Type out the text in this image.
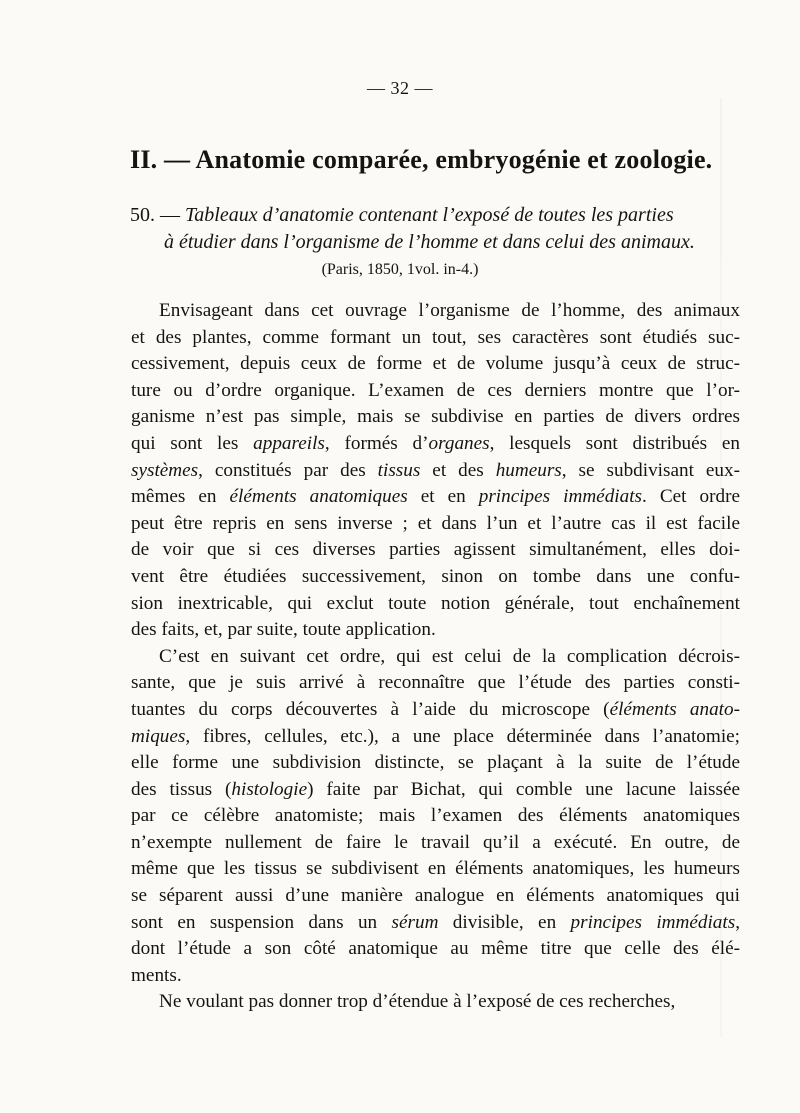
— 32 —
II. — Anatomie comparée, embryogénie et zoologie.
50. — Tableaux d’anatomie contenant l’exposé de toutes les parties
à étudier dans l’organisme de l’homme et dans celui des animaux.
(Paris, 1850, 1vol. in-4.)
Envisageant dans cet ouvrage l’organisme de l’homme, des animaux
et des plantes, comme formant un tout, ses caractères sont étudiés suc-
cessivement, depuis ceux de forme et de volume jusqu’à ceux de struc-
ture ou d’ordre organique. L’examen de ces derniers montre que l’or-
ganisme n’est pas simple, mais se subdivise en parties de divers ordres
qui sont les appareils, formés d’organes, lesquels sont distribués en
systèmes, constitués par des tissus et des humeurs, se subdivisant eux-
mêmes en éléments anatomiques et en principes immédiats. Cet ordre
peut être repris en sens inverse ; et dans l’un et l’autre cas il est facile
de voir que si ces diverses parties agissent simultanément, elles doi-
vent être étudiées successivement, sinon on tombe dans une confu-
sion inextricable, qui exclut toute notion générale, tout enchaînement
des faits, et, par suite, toute application.
C’est en suivant cet ordre, qui est celui de la complication décrois-
sante, que je suis arrivé à reconnaître que l’étude des parties consti-
tuantes du corps découvertes à l’aide du microscope (éléments anato-
miques, fibres, cellules, etc.), a une place déterminée dans l’anatomie;
elle forme une subdivision distincte, se plaçant à la suite de l’étude
des tissus (histologie) faite par Bichat, qui comble une lacune laissée
par ce célèbre anatomiste; mais l’examen des éléments anatomiques
n’exempte nullement de faire le travail qu’il a exécuté. En outre, de
même que les tissus se subdivisent en éléments anatomiques, les humeurs
se séparent aussi d’une manière analogue en éléments anatomiques qui
sont en suspension dans un sérum divisible, en principes immédiats,
dont l’étude a son côté anatomique au même titre que celle des élé-
ments.
Ne voulant pas donner trop d’étendue à l’exposé de ces recherches,
